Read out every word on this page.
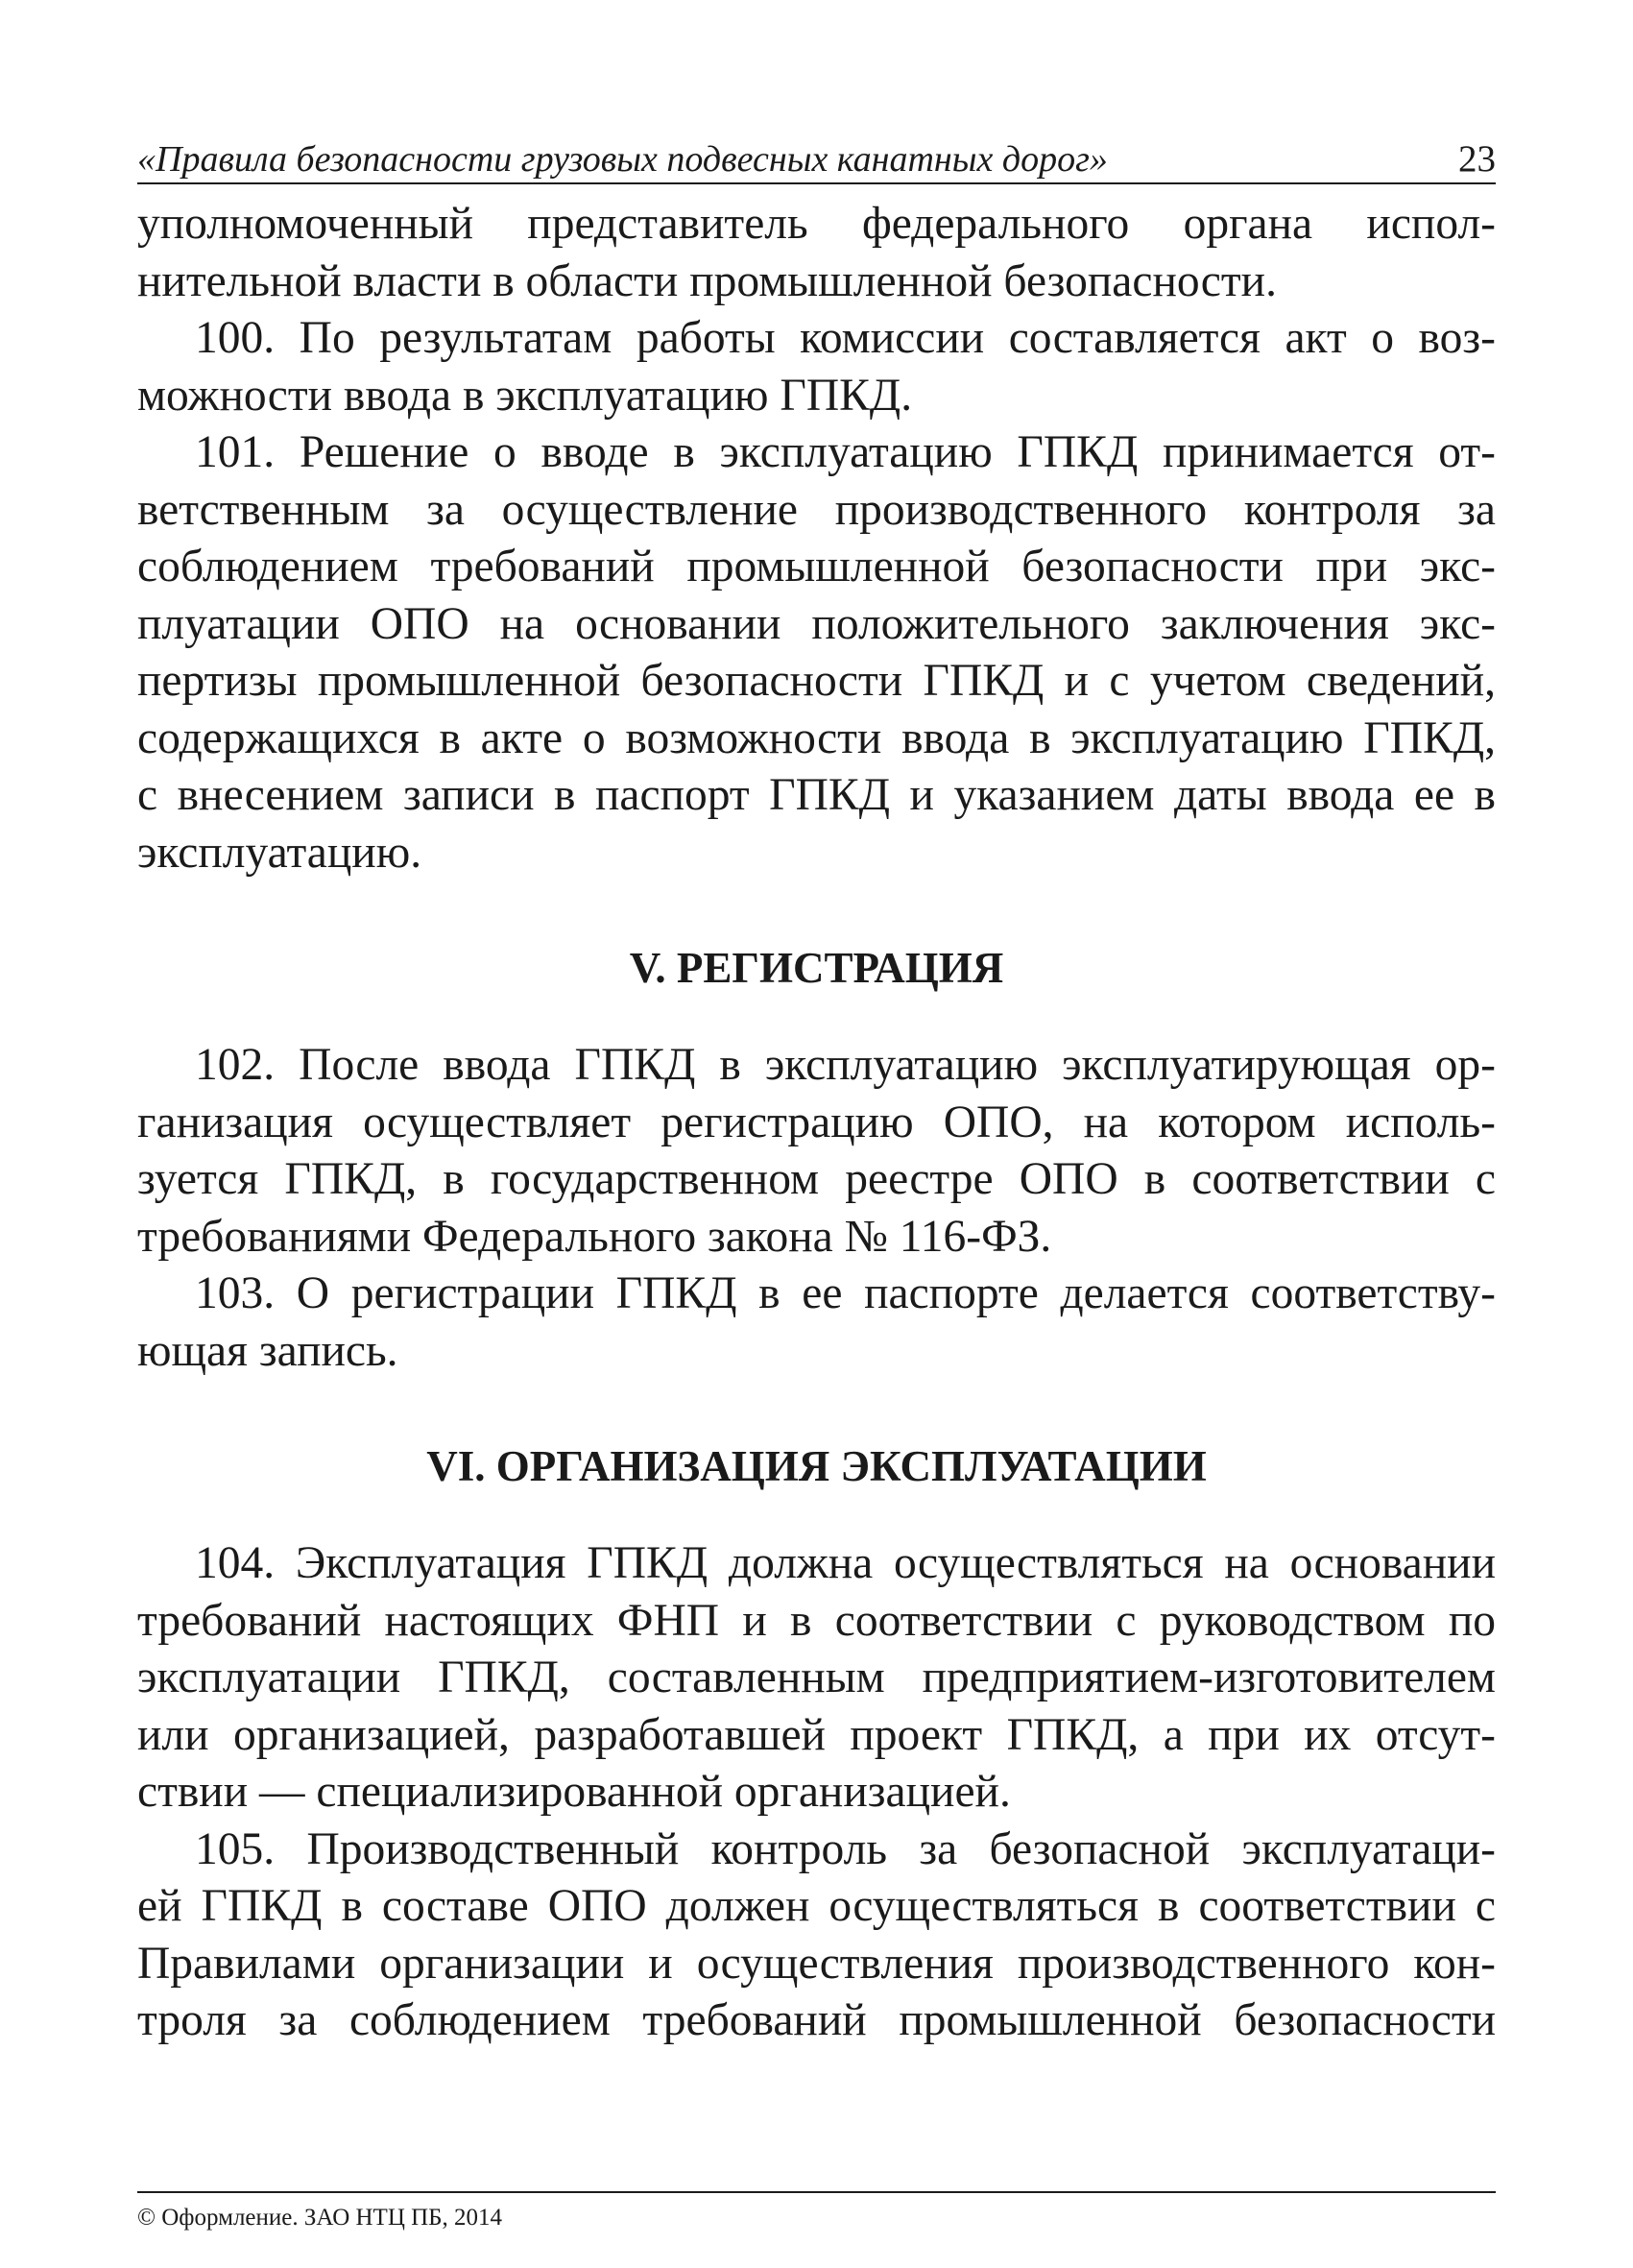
«Правила безопасности грузовых подвесных канатных дорог»	23

уполномоченный представитель федерального органа испол-
нительной власти в области промышленной безопасности.

100. По результатам работы комиссии составляется акт о воз-
можности ввода в эксплуатацию ГПКД.

101. Решение о вводе в эксплуатацию ГПКД принимается от-
ветственным за осуществление производственного контроля за
соблюдением требований промышленной безопасности при экс-
плуатации ОПО на основании положительного заключения экс-
пертизы промышленной безопасности ГПКД и с учетом сведений,
содержащихся в акте о возможности ввода в эксплуатацию ГПКД,
с внесением записи в паспорт ГПКД и указанием даты ввода ее в
эксплуатацию.

V. РЕГИСТРАЦИЯ

102. После ввода ГПКД в эксплуатацию эксплуатирующая ор-
ганизация осуществляет регистрацию ОПО, на котором исполь-
зуется ГПКД, в государственном реестре ОПО в соответствии с
требованиями Федерального закона № 116-ФЗ.

103. О регистрации ГПКД в ее паспорте делается соответству-
ющая запись.

VI. ОРГАНИЗАЦИЯ ЭКСПЛУАТАЦИИ

104. Эксплуатация ГПКД должна осуществляться на основании
требований настоящих ФНП и в соответствии с руководством по
эксплуатации ГПКД, составленным предприятием-изготовителем
или организацией, разработавшей проект ГПКД, а при их отсут-
ствии — специализированной организацией.

105. Производственный контроль за безопасной эксплуатаци-
ей ГПКД в составе ОПО должен осуществляться в соответствии с
Правилами организации и осуществления производственного кон-
троля за соблюдением требований промышленной безопасности

© Оформление. ЗАО НТЦ ПБ, 2014
